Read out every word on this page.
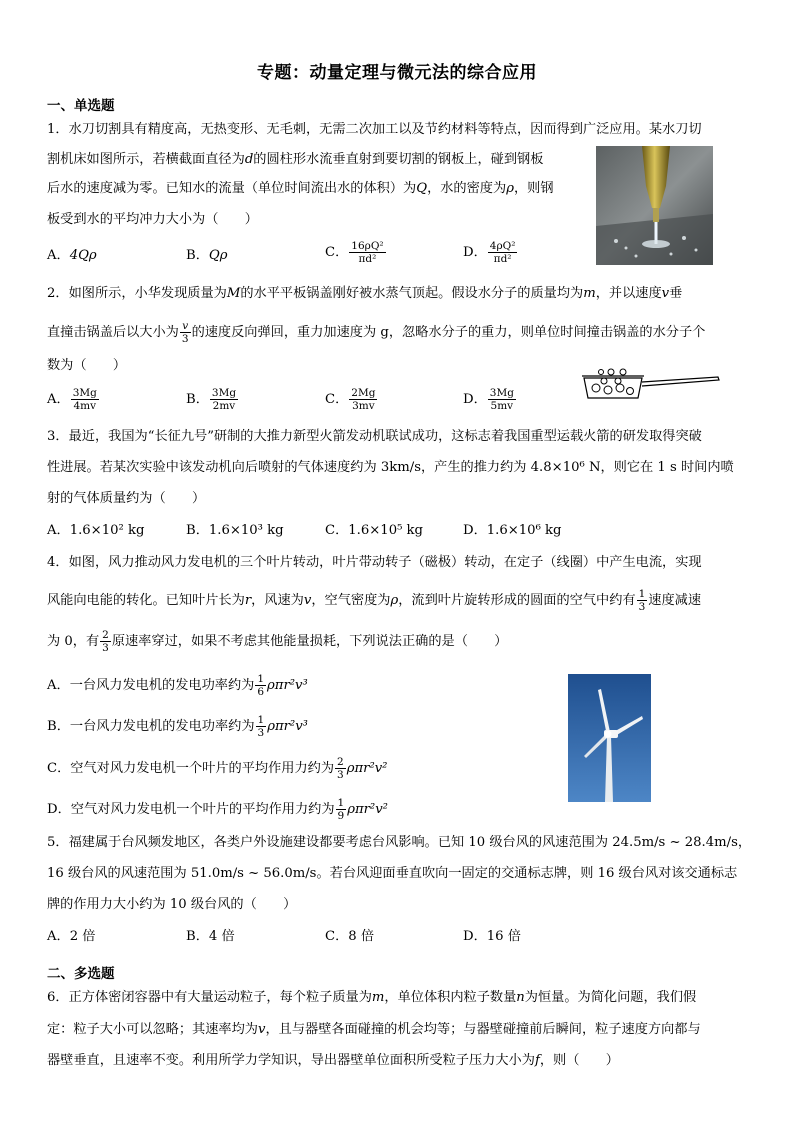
专题：动量定理与微元法的综合应用
一、单选题
1．水刀切割具有精度高，无热变形、无毛刺，无需二次加工以及节约材料等特点，因而得到广泛应用。某水刀切
割机床如图所示，若横截面直径为d的圆柱形水流垂直射到要切割的钢板上，碰到钢板
后水的速度减为零。已知水的流量（单位时间流出水的体积）为Q，水的密度为ρ，则钢
板受到水的平均冲力大小为（　　）
A．4Qρ	B．Qρ	C． $\frac{\text{16ρQ²}}{\text{πd²}}$	D． $\frac{\text{4ρQ²}}{\text{πd²}}$
2．如图所示，小华发现质量为M的水平平板锅盖刚好被水蒸气顶起。假设水分子的质量均为m，并以速度v垂
直撞击锅盖后以大小为 $\frac{v}{3}$ 的速度反向弹回，重力加速度为 g，忽略水分子的重力，则单位时间撞击锅盖的水分子个
数为（　　）
A． $\frac{3Mg}{4mv}$	B． $\frac{3Mg}{2mv}$	C． $\frac{2Mg}{3mv}$	D． $\frac{3Mg}{5mv}$
3．最近，我国为“长征九号”研制的大推力新型火箭发动机联试成功，这标志着我国重型运载火箭的研发取得突破
性进展。若某次实验中该发动机向后喷射的气体速度约为 3km/s，产生的推力约为 4.8×10⁶ N，则它在 1 s 时间内喷
射的气体质量约为（　　）
A．1.6×10² kg	B．1.6×10³ kg	C．1.6×10⁵ kg	D．1.6×10⁶ kg
4．如图，风力推动风力发电机的三个叶片转动，叶片带动转子（磁极）转动，在定子（线圈）中产生电流，实现
风能向电能的转化。已知叶片长为r，风速为v，空气密度为ρ，流到叶片旋转形成的圆面的空气中约有 $\frac{1}{3}$ 速度减速
为 0，有 $\frac{2}{3}$ 原速率穿过，如果不考虑其他能量损耗，下列说法正确的是（　　）
A．一台风力发电机的发电功率约为 $\frac{1}{6} \rho\pi r^2v^3$
B．一台风力发电机的发电功率约为 $\frac{1}{3} \rho\pi r^2v^3$
C．空气对风力发电机一个叶片的平均作用力约为 $\frac{2}{3} \rho\pi r^2v^2$
D．空气对风力发电机一个叶片的平均作用力约为 $\frac{1}{9} \rho\pi r^2v^2$
5．福建属于台风频发地区，各类户外设施建设都要考虑台风影响。已知 10 级台风的风速范围为 24.5m/s ~ 28.4m/s，
16 级台风的风速范围为 51.0m/s ~ 56.0m/s。若台风迎面垂直吹向一固定的交通标志牌，则 16 级台风对该交通标志
牌的作用力大小约为 10 级台风的（　　）
A．2 倍	B．4 倍	C．8 倍	D．16 倍
二、多选题
6．正方体密闭容器中有大量运动粒子，每个粒子质量为m，单位体积内粒子数量n为恒量。为简化问题，我们假
定：粒子大小可以忽略；其速率均为v，且与器壁各面碰撞的机会均等；与器壁碰撞前后瞬间，粒子速度方向都与
器壁垂直，且速率不变。利用所学力学知识，导出器壁单位面积所受粒子压力大小为f，则（　　）
